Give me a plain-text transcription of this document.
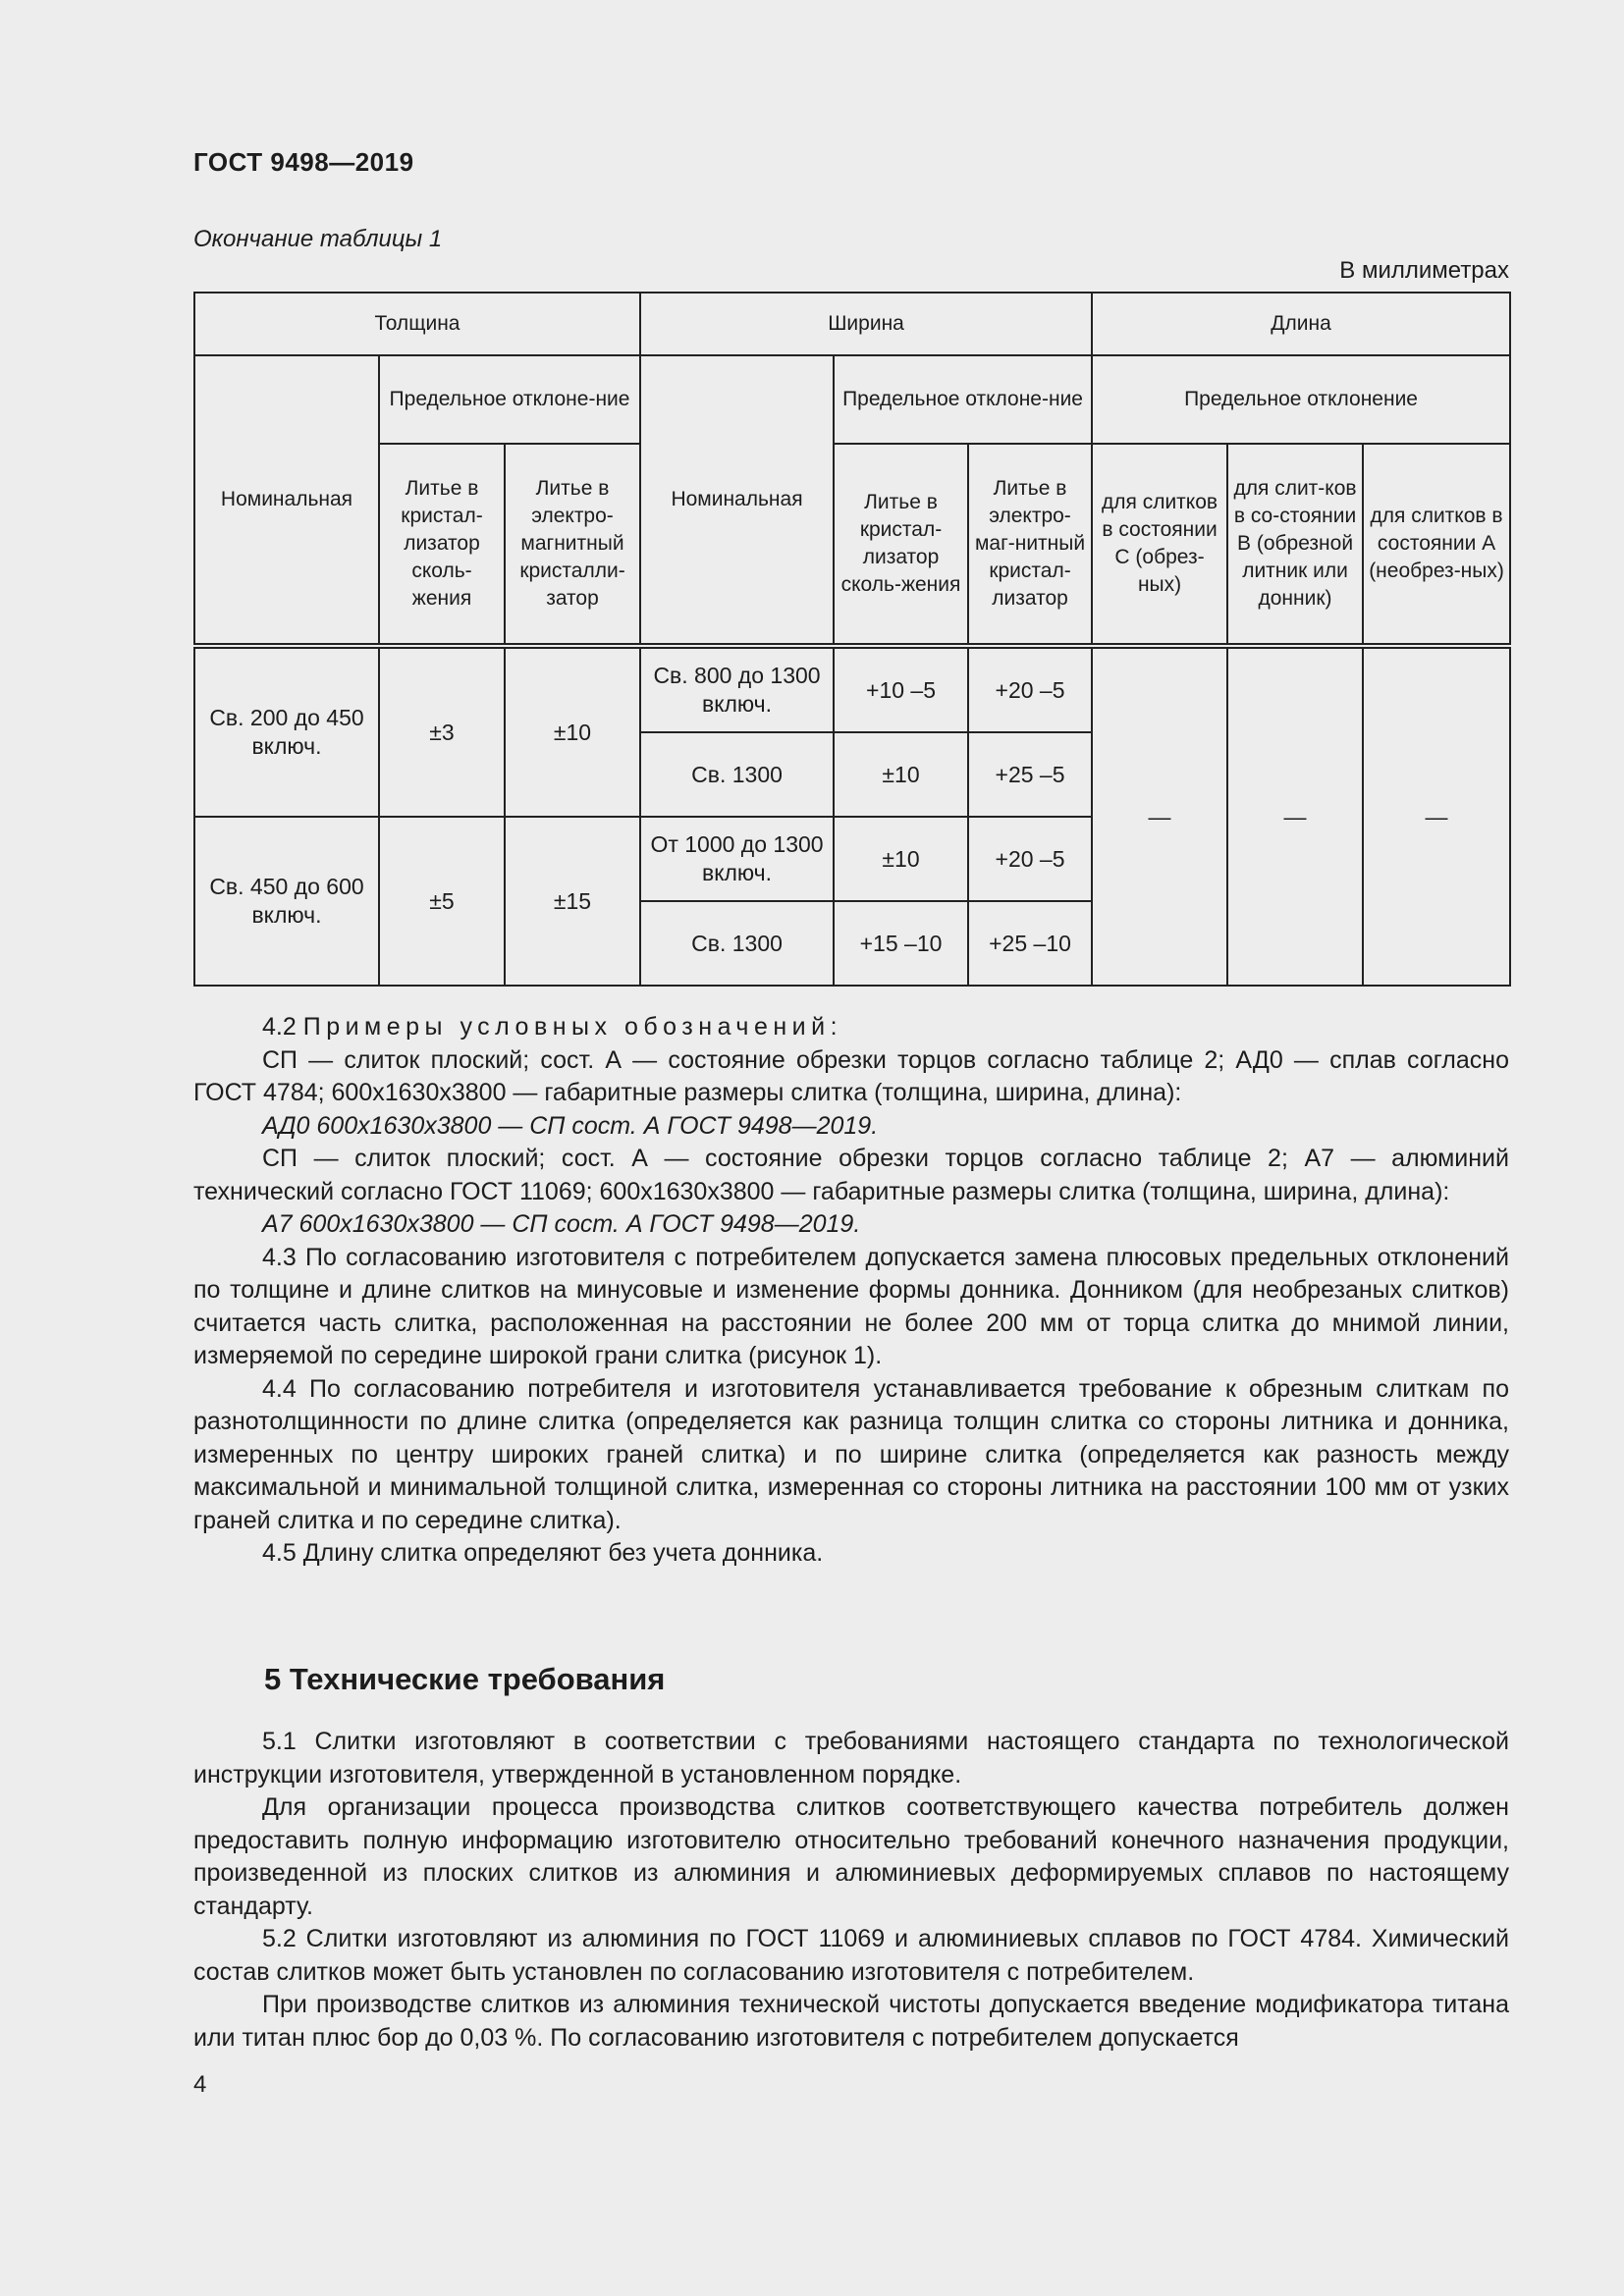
ГОСТ 9498—2019
Окончание таблицы 1
В миллиметрах
Толщина			Ширина			Длина		
Номинальная	Предельное отклоне-ние		Номинальная	Предельное отклоне-ние		Предельное отклонение		
	Литье в кристал-лизатор сколь-жения	Литье в электро-магнитный кристалли-затор		Литье в кристал-лизатор сколь-жения	Литье в электро-маг-нитный кристал-лизатор	для слитков в состоянии С (обрез-ных)	для слит-ков в со-стоянии В (обрезной литник или донник)	для слитков в состоянии А (необрез-ных)
Св. 200 до 450 включ.	±3	±10	Св. 800 до 1300 включ.	+10 –5	+20 –5	—	—	—
			Св. 1300	±10	+25 –5			
Св. 450 до 600 включ.	±5	±15	От 1000 до 1300 включ.	±10	+20 –5			
			Св. 1300	+15 –10	+25 –10			

4.2 Примеры условных обозначений:

СП — слиток плоский; сост. А — состояние обрезки торцов согласно таблице 2; АД0 — сплав согласно ГОСТ 4784; 600х1630х3800 — габаритные размеры слитка (толщина, ширина, длина):

АД0 600х1630х3800 — СП сост. А ГОСТ 9498—2019.

СП — слиток плоский; сост. А — состояние обрезки торцов согласно таблице 2; А7 — алюминий технический согласно ГОСТ 11069; 600х1630х3800 — габаритные размеры слитка (толщина, ширина, длина):

А7 600х1630х3800 — СП сост. А ГОСТ 9498—2019.

4.3 По согласованию изготовителя с потребителем допускается замена плюсовых предельных отклонений по толщине и длине слитков на минусовые и изменение формы донника. Донником (для необрезаных слитков) считается часть слитка, расположенная на расстоянии не более 200 мм от торца слитка до мнимой линии, измеряемой по середине широкой грани слитка (рисунок 1).

4.4 По согласованию потребителя и изготовителя устанавливается требование к обрезным слиткам по разнотолщинности по длине слитка (определяется как разница толщин слитка со стороны литника и донника, измеренных по центру широких граней слитка) и по ширине слитка (определяется как разность между максимальной и минимальной толщиной слитка, измеренная со стороны литника на расстоянии 100 мм от узких граней слитка и по середине слитка).

4.5 Длину слитка определяют без учета донника.

5 Технические требования

5.1 Слитки изготовляют в соответствии с требованиями настоящего стандарта по технологической инструкции изготовителя, утвержденной в установленном порядке.

Для организации процесса производства слитков соответствующего качества потребитель должен предоставить полную информацию изготовителю относительно требований конечного назначения продукции, произведенной из плоских слитков из алюминия и алюминиевых деформируемых сплавов по настоящему стандарту.

5.2 Слитки изготовляют из алюминия по ГОСТ 11069 и алюминиевых сплавов по ГОСТ 4784. Химический состав слитков может быть установлен по согласованию изготовителя с потребителем.

При производстве слитков из алюминия технической чистоты допускается введение модификатора титана или титан плюс бор до 0,03 %. По согласованию изготовителя с потребителем допускается

4
